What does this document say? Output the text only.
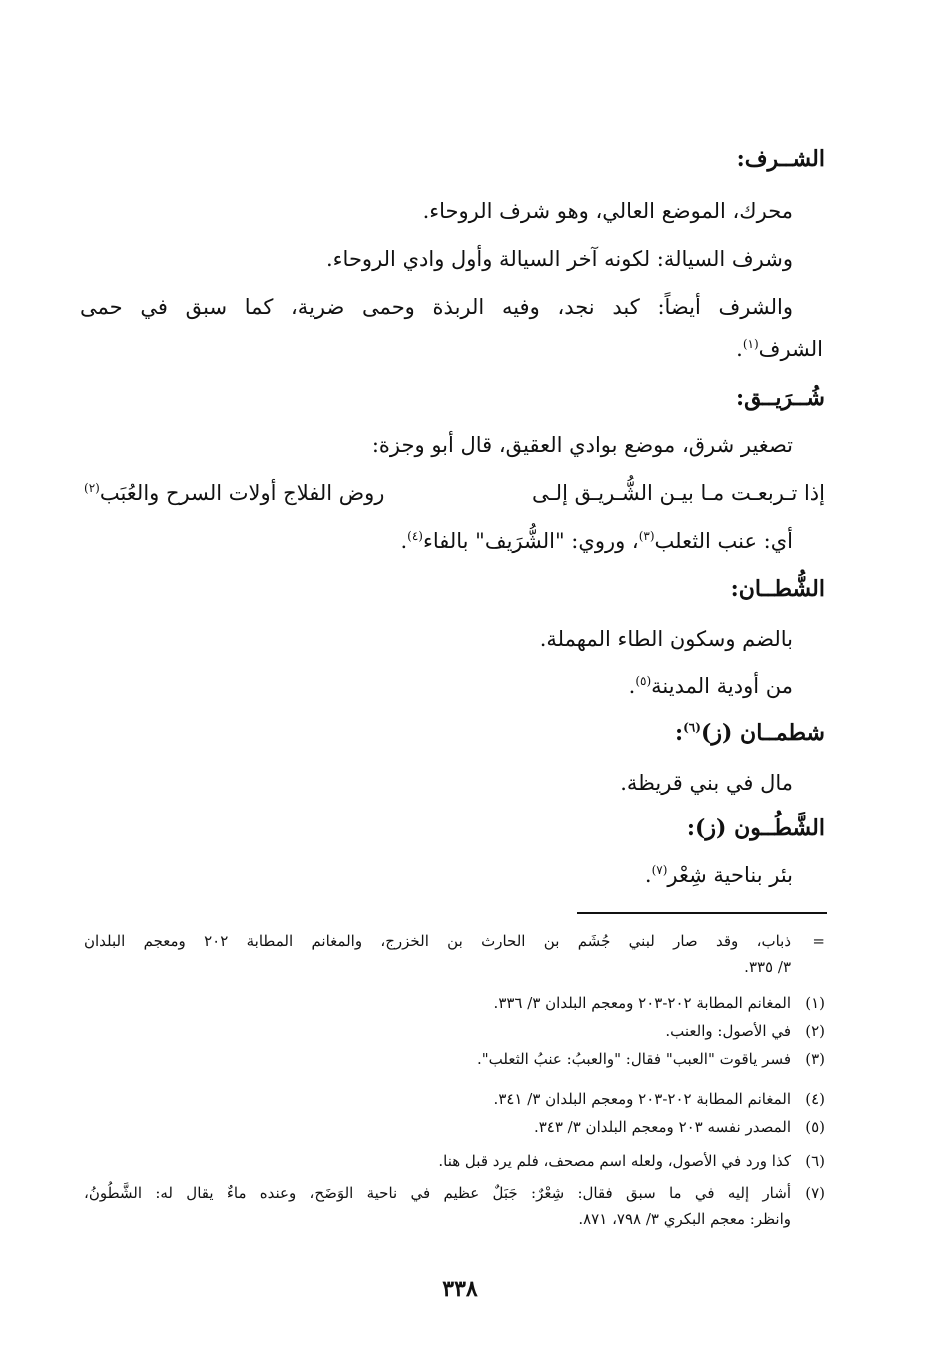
الشــرف:
محرك، الموضع العالي، وهو شرف الروحاء.
وشرف السيالة: لكونه آخر السيالة وأول وادي الروحاء.
والشرف أيضاً: كبد نجد، وفيه الربذة وحمى ضرية، كما سبق في حمى
الشرف$^{(١)}$.
شُــرَيــق:
تصغير شرق، موضع بوادي العقيق، قال أبو وجزة:
إذا تـربعـت مـا بيـن الشُّـريـق إلـى
روض الفلاج أولات السرح والعُبَب$^{(٢)}$
أي: عنب الثعلب$^{(٣)}$، وروي: "الشُّرَيف" بالفاء$^{(٤)}$.
الشُّطــان:
بالضم وسكون الطاء المهملة.
من أودية المدينة$^{(٥)}$.
شطمــان (ز)$^{(٦)}$:
مال في بني قريظة.
الشَّطُــون (ز):
بئر بناحية شِعْر$^{(٧)}$.
=ذباب، وقد صار لبني جُشَم بن الحارث بن الخزرج، والمغانم المطابة ٢٠٢ ومعجم البلدان
٣/ ٣٣٥.
(١)المغانم المطابة ٢٠٢-٢٠٣ ومعجم البلدان ٣/ ٣٣٦.
(٢)في الأصول: والعنب.
(٣)فسر ياقوت "العبب" فقال: "والعببُ: عنبُ الثعلب".
(٤)المغانم المطابة ٢٠٢-٢٠٣ ومعجم البلدان ٣/ ٣٤١.
(٥)المصدر نفسه ٢٠٣ ومعجم البلدان ٣/ ٣٤٣.
(٦)كذا ورد في الأصول، ولعله اسم مصحف، فلم يرد قبل هنا.
(٧)أشار إليه في ما سبق فقال: شِعْرٌ: جَبَلٌ عظيم في ناحية الوَضَح، وعنده ماءٌ يقال له: الشَّطُونُ،
وانظر: معجم البكري ٣/ ٧٩٨، ٨٧١.
٣٣٨
